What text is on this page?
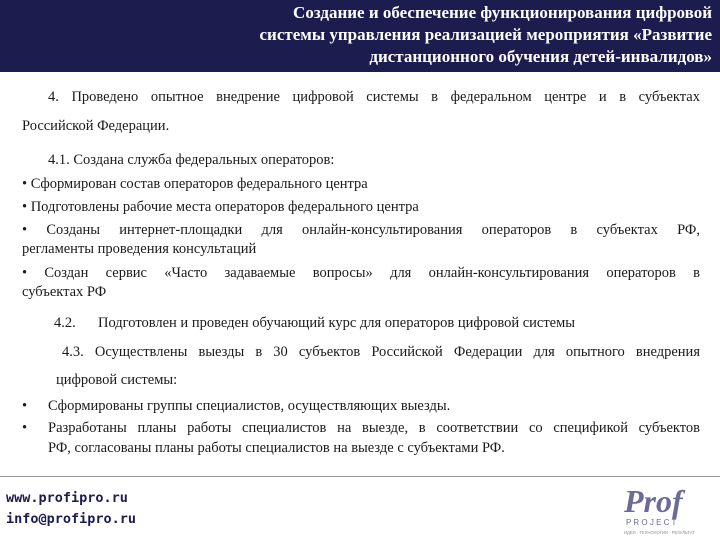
Создание и обеспечение функционирования цифровой
системы управления реализацией мероприятия «Развитие
дистанционного обучения детей-инвалидов»

4. Проведено опытное внедрение цифровой системы в федеральном центре и в субъектах

Российской Федерации.

4.1. Создана служба федеральных операторов:

• Сформирован состав операторов федерального центра

• Подготовлены рабочие места операторов федерального центра

• Созданы интернет-площадки для онлайн-консультирования операторов в субъектах РФ,

регламенты проведения консультаций

• Создан сервис «Часто задаваемые вопросы» для онлайн-консультирования операторов в

субъектах РФ

4.2. Подготовлен и проведен обучающий курс для операторов цифровой системы

4.3. Осуществлены выезды в 30 субъектов Российской Федерации для опытного внедрения

цифровой системы:

• Сформированы группы специалистов, осуществляющих выезды.

• Разработаны планы работы специалистов на выезде, в соответствии со спецификой субъектов

РФ, согласованы планы работы специалистов на выезде с субъектами РФ.

www.profipro.ru
info@profipro.ru	Prof
P R O J E C T
ИДЕИ · ТЕХНОЛОГИИ · РЕЗУЛЬТАТ
